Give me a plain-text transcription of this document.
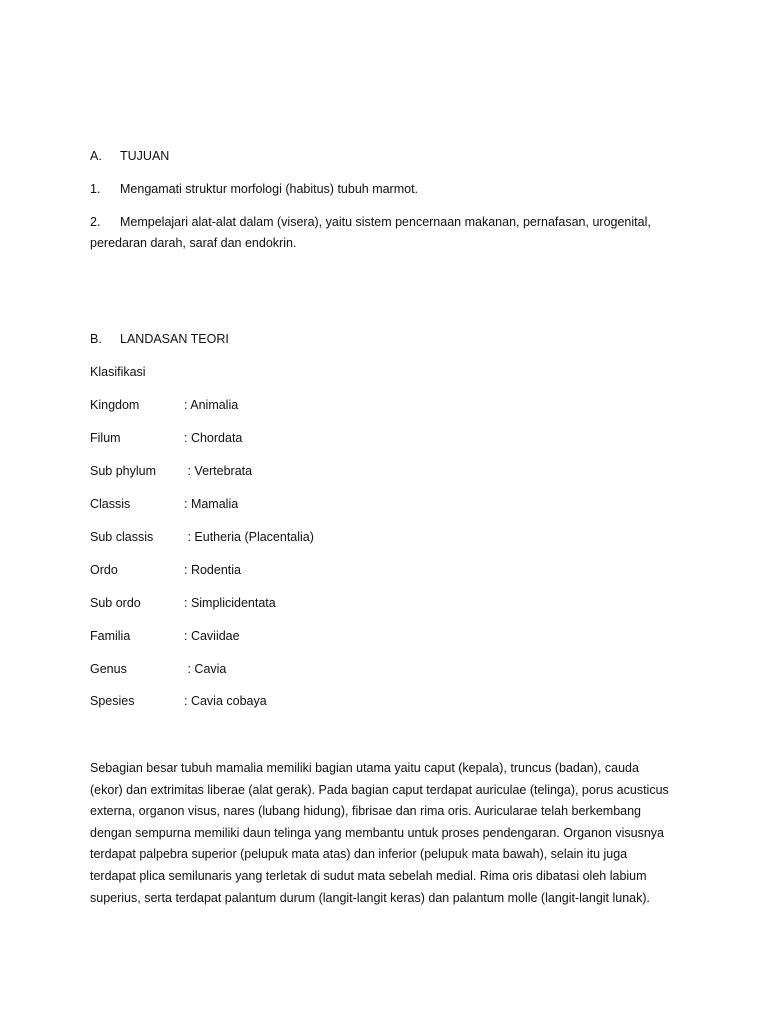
A. TUJUAN
1. Mengamati struktur morfologi (habitus) tubuh marmot.
2. Mempelajari alat-alat dalam (visera), yaitu sistem pencernaan makanan, pernafasan, urogenital,
peredaran darah, saraf dan endokrin.
B. LANDASAN TEORI
Klasifikasi
Kingdom	: Animalia
Filum	: Chordata
Sub phylum : Vertebrata
Classis	: Mamalia
Sub classis : Eutheria (Placentalia)
Ordo	: Rodentia
Sub ordo	: Simplicidentata
Familia	: Caviidae
Genus	: Cavia
Spesies	: Cavia cobaya
Sebagian besar tubuh mamalia memiliki bagian utama yaitu caput (kepala), truncus (badan), cauda
(ekor) dan extrimitas liberae (alat gerak). Pada bagian caput terdapat auriculae (telinga), porus acusticus
externa, organon visus, nares (lubang hidung), fibrisae dan rima oris. Auricularae telah berkembang
dengan sempurna memiliki daun telinga yang membantu untuk proses pendengaran. Organon visusnya
terdapat palpebra superior (pelupuk mata atas) dan inferior (pelupuk mata bawah), selain itu juga
terdapat plica semilunaris yang terletak di sudut mata sebelah medial. Rima oris dibatasi oleh labium
superius, serta terdapat palantum durum (langit-langit keras) dan palantum molle (langit-langit lunak).
